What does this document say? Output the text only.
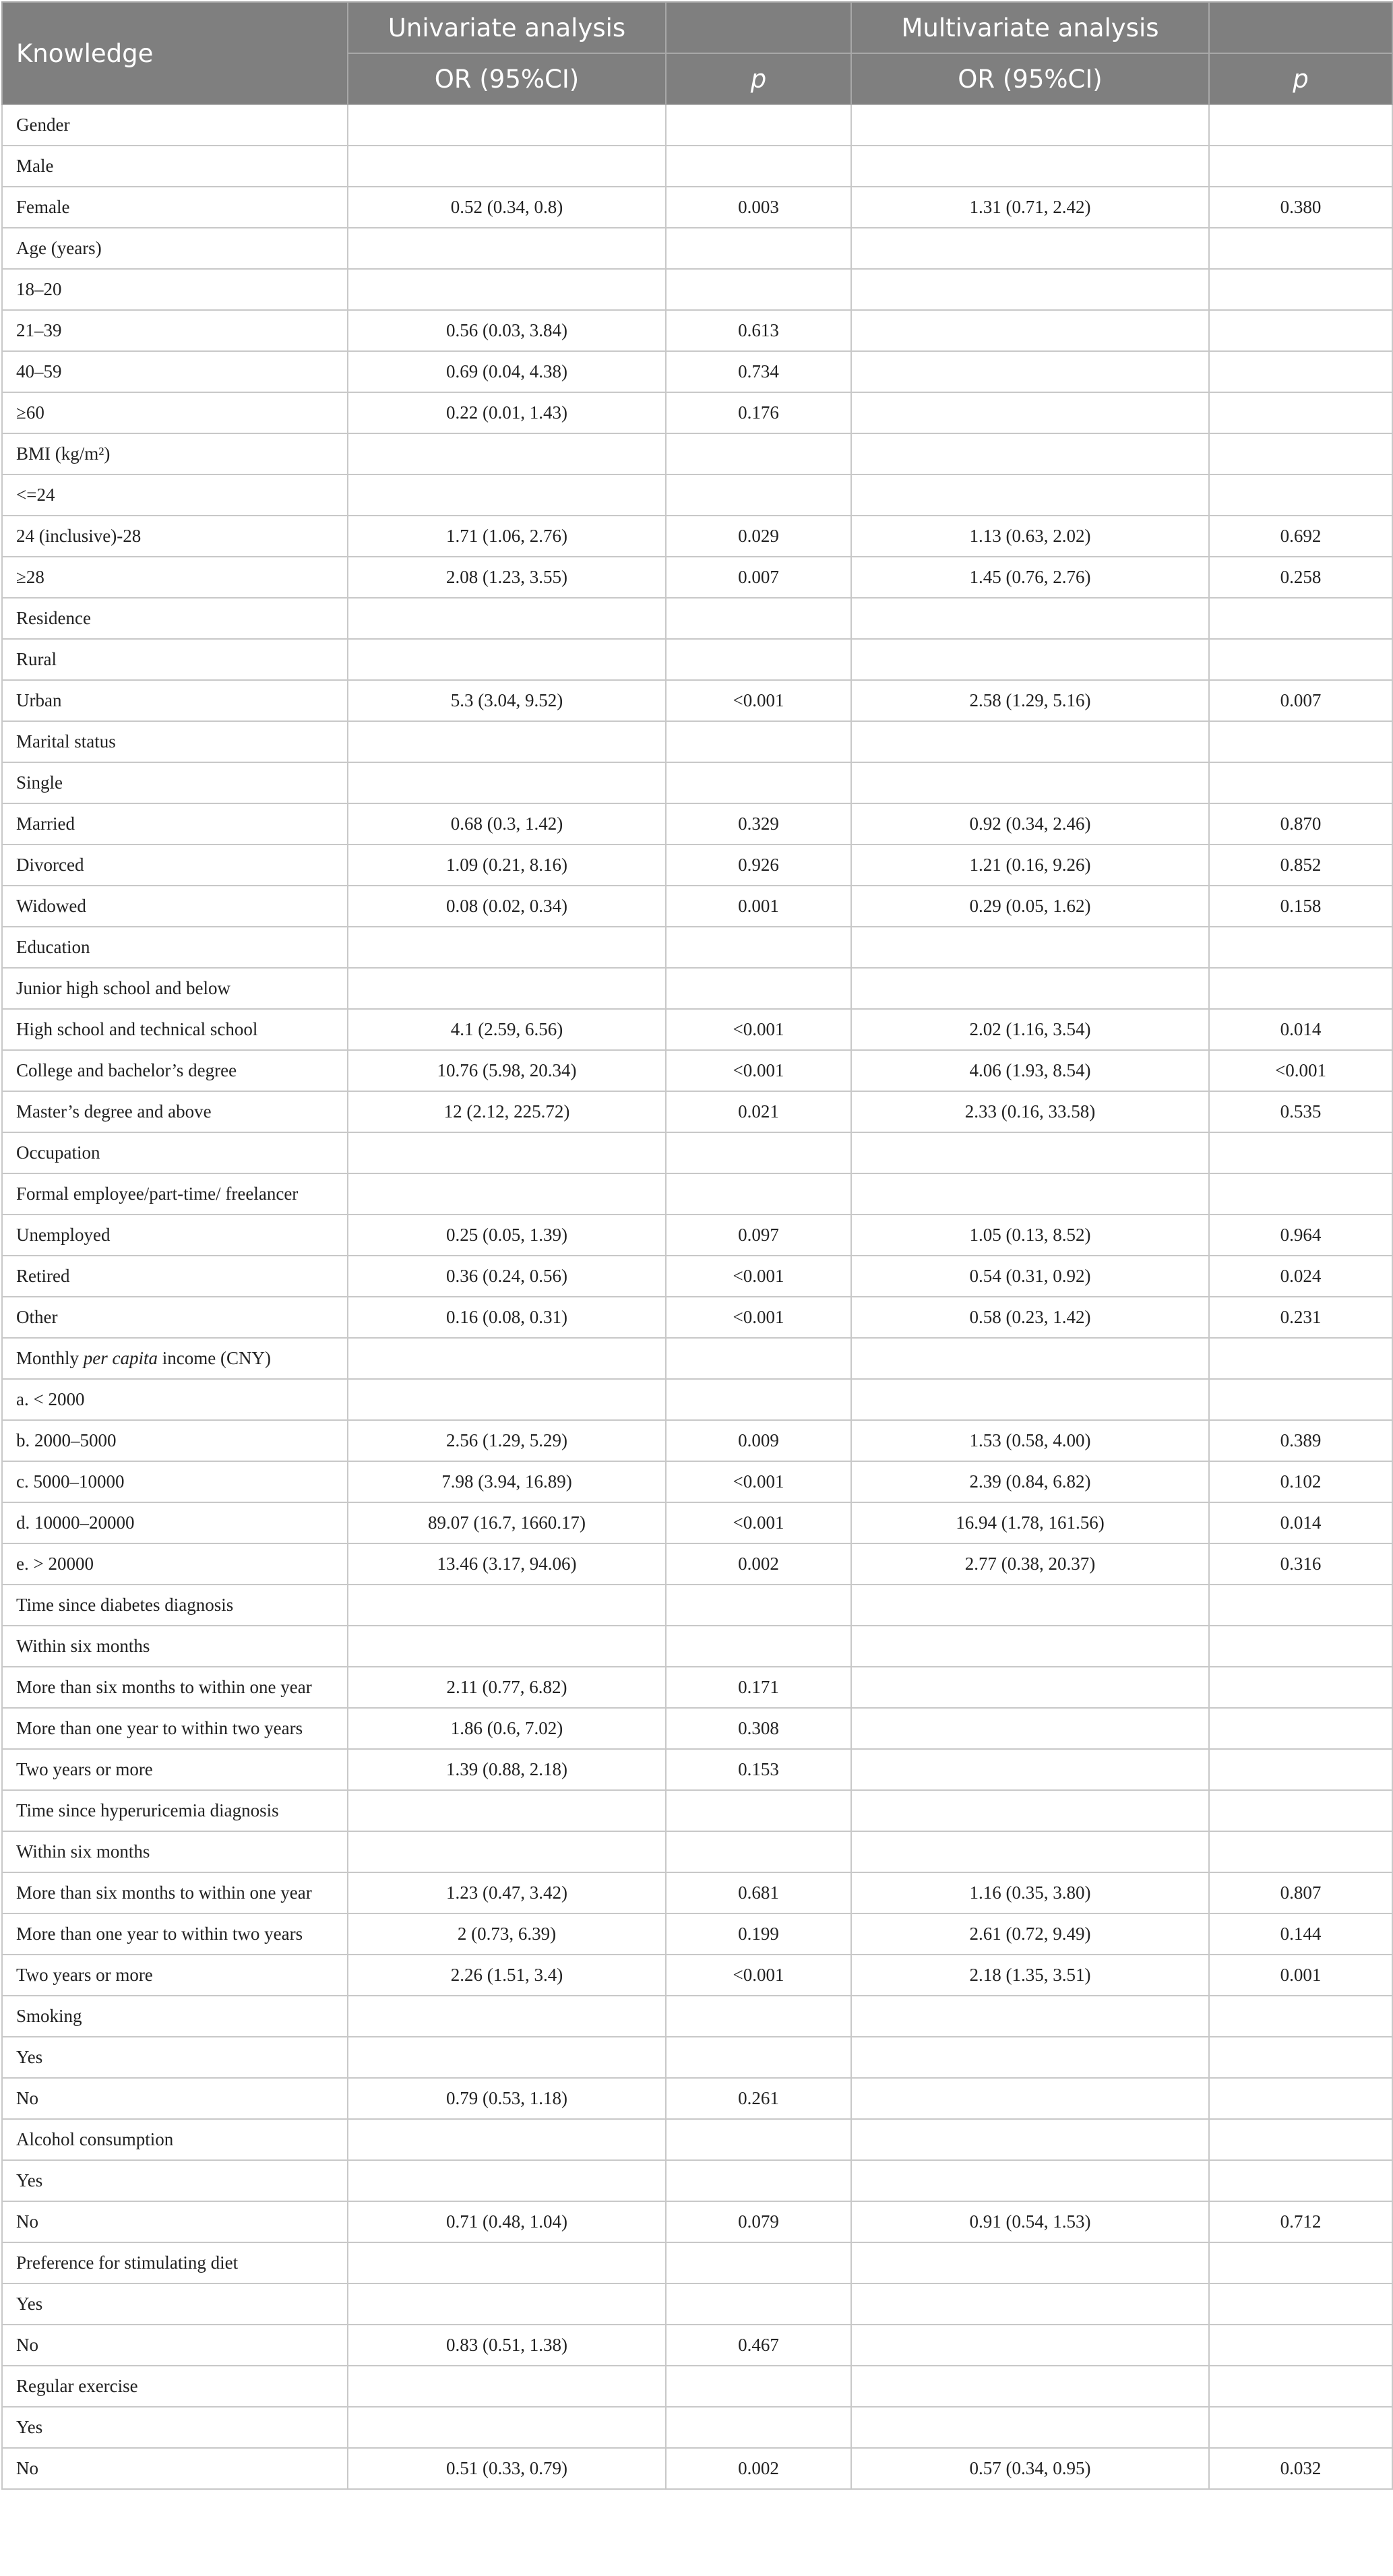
Knowledge	Univariate analysis		Multivariate analysis	
	OR (95%CI)	p	OR (95%CI)	p
Gender				
Male				
Female	0.52 (0.34, 0.8)	0.003	1.31 (0.71, 2.42)	0.380
Age (years)				
18–20				
21–39	0.56 (0.03, 3.84)	0.613		
40–59	0.69 (0.04, 4.38)	0.734		
≥60	0.22 (0.01, 1.43)	0.176		
BMI (kg/m²)				
<=24				
24 (inclusive)-28	1.71 (1.06, 2.76)	0.029	1.13 (0.63, 2.02)	0.692
≥28	2.08 (1.23, 3.55)	0.007	1.45 (0.76, 2.76)	0.258
Residence				
Rural				
Urban	5.3 (3.04, 9.52)	<0.001	2.58 (1.29, 5.16)	0.007
Marital status				
Single				
Married	0.68 (0.3, 1.42)	0.329	0.92 (0.34, 2.46)	0.870
Divorced	1.09 (0.21, 8.16)	0.926	1.21 (0.16, 9.26)	0.852
Widowed	0.08 (0.02, 0.34)	0.001	0.29 (0.05, 1.62)	0.158
Education				
Junior high school and below				
High school and technical school	4.1 (2.59, 6.56)	<0.001	2.02 (1.16, 3.54)	0.014
College and bachelor’s degree	10.76 (5.98, 20.34)	<0.001	4.06 (1.93, 8.54)	<0.001
Master’s degree and above	12 (2.12, 225.72)	0.021	2.33 (0.16, 33.58)	0.535
Occupation				
Formal employee/part-time/ freelancer				
Unemployed	0.25 (0.05, 1.39)	0.097	1.05 (0.13, 8.52)	0.964
Retired	0.36 (0.24, 0.56)	<0.001	0.54 (0.31, 0.92)	0.024
Other	0.16 (0.08, 0.31)	<0.001	0.58 (0.23, 1.42)	0.231
Monthly per capita income (CNY)				
a. < 2000				
b. 2000–5000	2.56 (1.29, 5.29)	0.009	1.53 (0.58, 4.00)	0.389
c. 5000–10000	7.98 (3.94, 16.89)	<0.001	2.39 (0.84, 6.82)	0.102
d. 10000–20000	89.07 (16.7, 1660.17)	<0.001	16.94 (1.78, 161.56)	0.014
e. > 20000	13.46 (3.17, 94.06)	0.002	2.77 (0.38, 20.37)	0.316
Time since diabetes diagnosis				
Within six months				
More than six months to within one year	2.11 (0.77, 6.82)	0.171		
More than one year to within two years	1.86 (0.6, 7.02)	0.308		
Two years or more	1.39 (0.88, 2.18)	0.153		
Time since hyperuricemia diagnosis				
Within six months				
More than six months to within one year	1.23 (0.47, 3.42)	0.681	1.16 (0.35, 3.80)	0.807
More than one year to within two years	2 (0.73, 6.39)	0.199	2.61 (0.72, 9.49)	0.144
Two years or more	2.26 (1.51, 3.4)	<0.001	2.18 (1.35, 3.51)	0.001
Smoking				
Yes				
No	0.79 (0.53, 1.18)	0.261		
Alcohol consumption				
Yes				
No	0.71 (0.48, 1.04)	0.079	0.91 (0.54, 1.53)	0.712
Preference for stimulating diet				
Yes				
No	0.83 (0.51, 1.38)	0.467		
Regular exercise				
Yes				
No	0.51 (0.33, 0.79)	0.002	0.57 (0.34, 0.95)	0.032
